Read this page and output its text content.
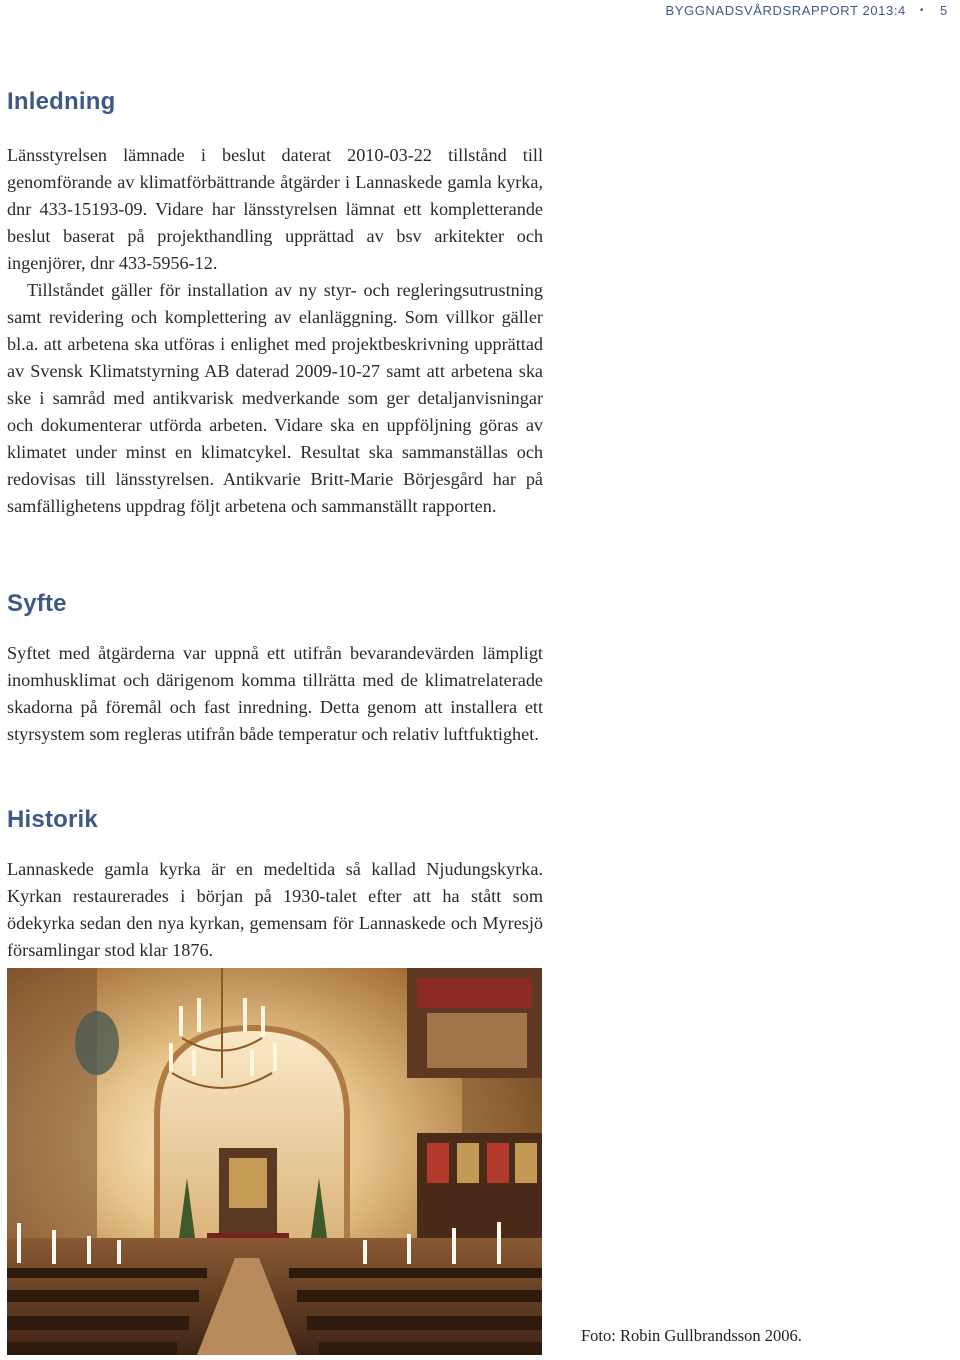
BYGGNADSVÅRDSRAPPORT 2013:4 • 5
Inledning

Länsstyrelsen lämnade i beslut daterat 2010-03-22 tillstånd till genomförande av klimatförbättrande åtgärder i Lannaskede gamla kyrka, dnr 433-15193-09. Vidare har länsstyrelsen lämnat ett kompletterande beslut baserat på projekthandling upprättad av bsv arkitekter och ingenjörer, dnr 433-5956-12.

Tillståndet gäller för installation av ny styr- och regleringsutrustning samt revidering och komplettering av elanläggning. Som villkor gäller bl.a. att arbetena ska utföras i enlighet med projektbeskrivning upprättad av Svensk Klimatstyrning AB daterad 2009-10-27 samt att arbetena ska ske i samråd med antikvarisk medverkande som ger detaljanvisningar och dokumenterar utförda arbeten. Vidare ska en uppföljning göras av klimatet under minst en klimatcykel. Resultat ska sammanställas och redovisas till länsstyrelsen. Antikvarie Britt-Marie Börjesgård har på samfällighetens uppdrag följt arbetena och sammanställt rapporten.

Syfte

Syftet med åtgärderna var uppnå ett utifrån bevarandevärden lämpligt inomhusklimat och därigenom komma tillrätta med de klimatrelaterade skadorna på föremål och fast inredning. Detta genom att installera ett styrsystem som regleras utifrån både temperatur och relativ luftfuktighet.

Historik

Lannaskede gamla kyrka är en medeltida så kallad Njudungskyrka. Kyrkan restaurerades i början på 1930-talet efter att ha stått som ödekyrka sedan den nya kyrkan, gemensam för Lannaskede och Myresjö församlingar stod klar 1876.

Foto: Robin Gullbrandsson 2006.
